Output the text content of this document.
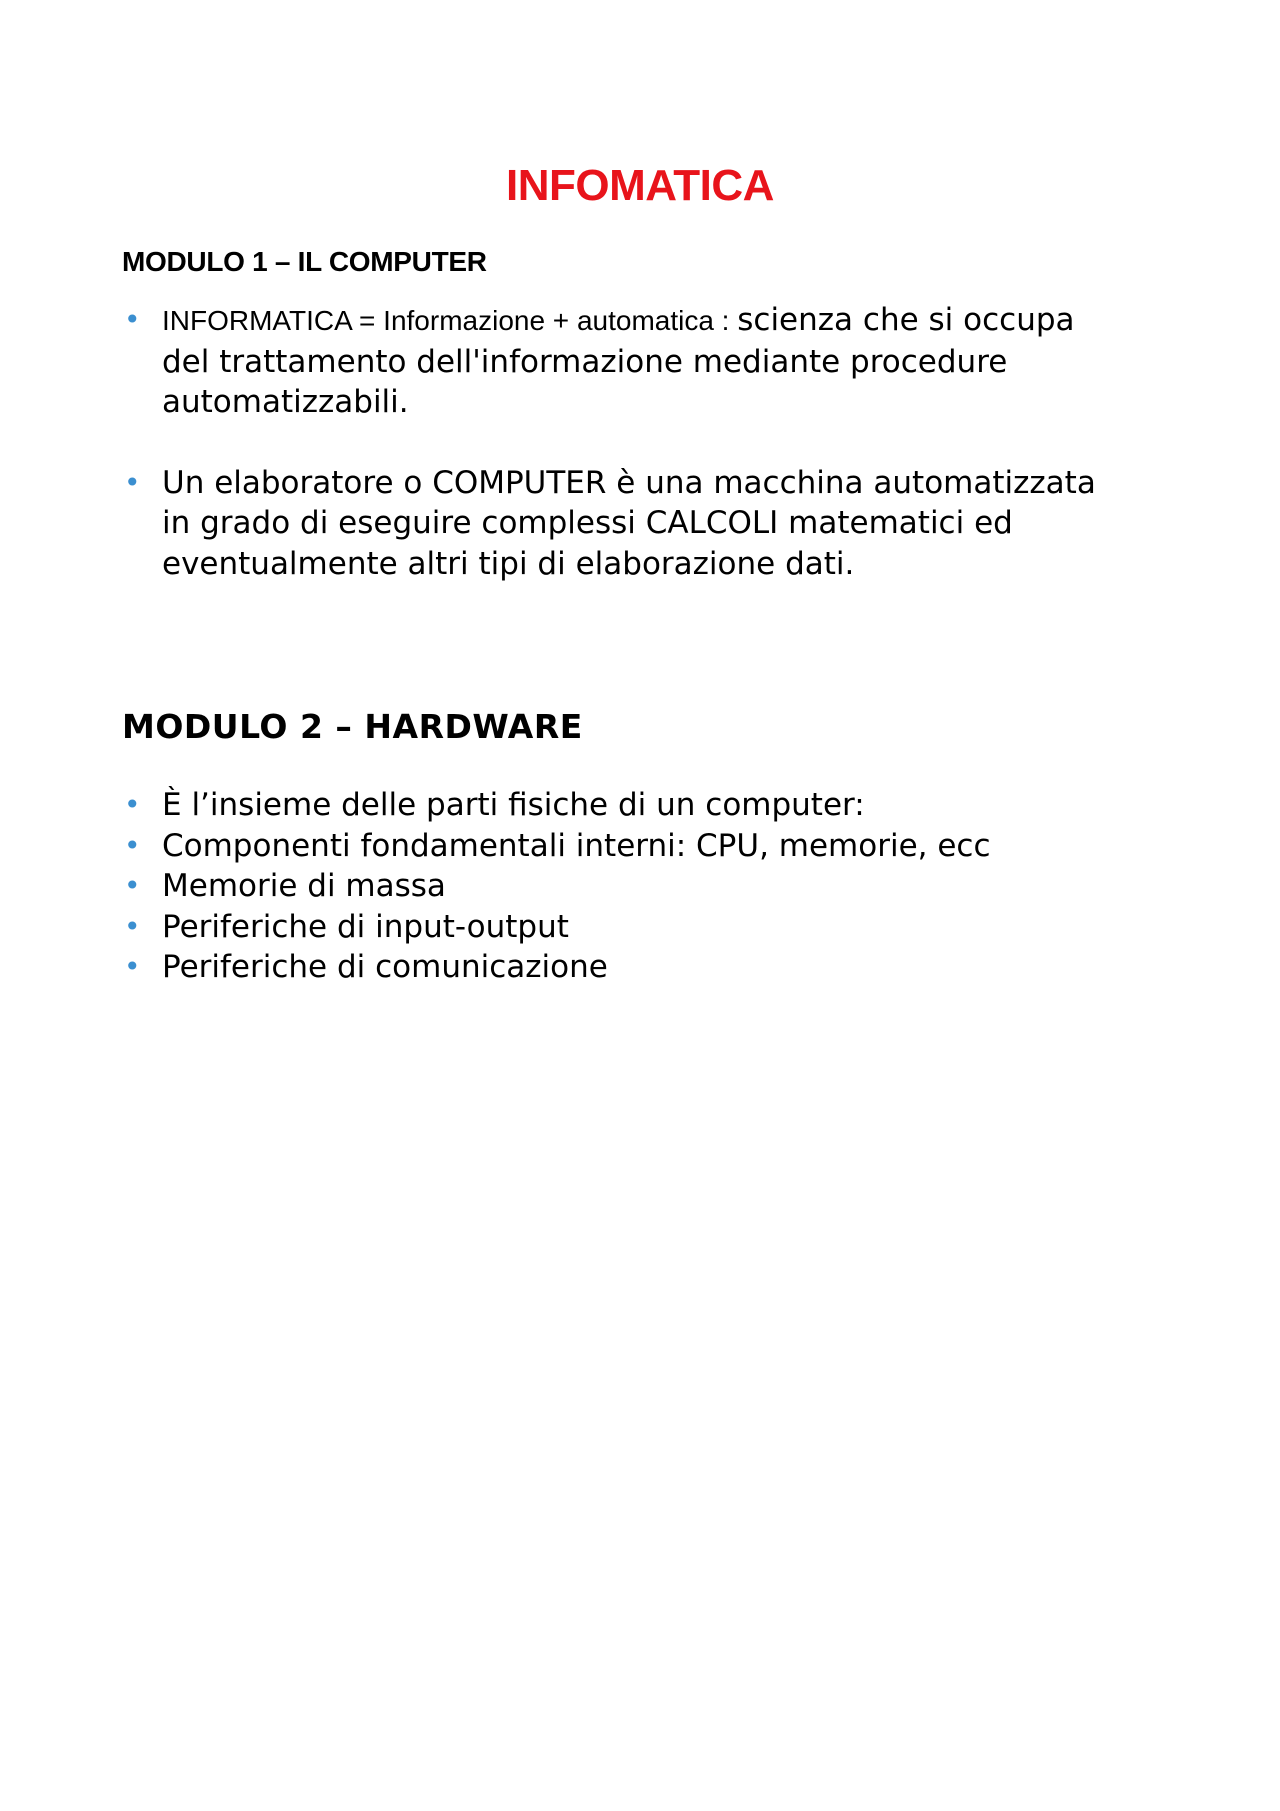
INFOMATICA
MODULO 1 – IL COMPUTER
• INFORMATICA = Informazione + automatica : scienza che si occupa del trattamento dell'informazione mediante procedure automatizzabili.
• Un elaboratore o COMPUTER è una macchina automatizzata in grado di eseguire complessi CALCOLI matematici ed eventualmente altri tipi di elaborazione dati.
MODULO 2 – HARDWARE
• È l’insieme delle parti fisiche di un computer:
• Componenti fondamentali interni: CPU, memorie, ecc
• Memorie di massa
• Periferiche di input-output
• Periferiche di comunicazione
